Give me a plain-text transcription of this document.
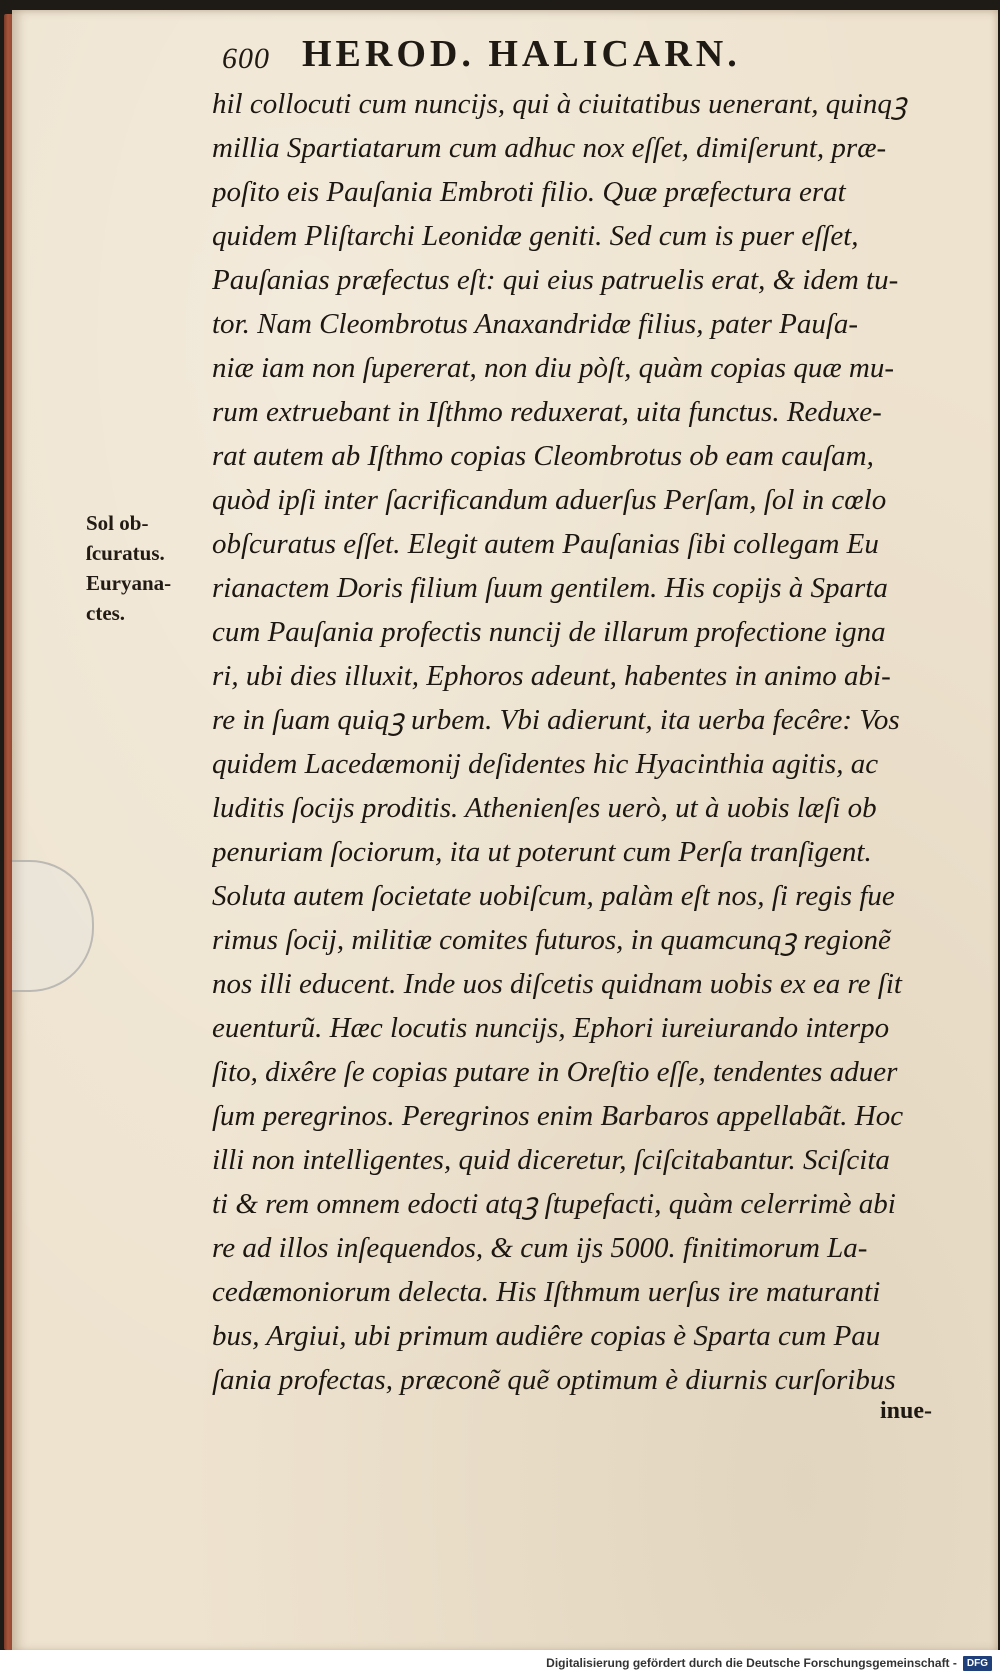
600 HEROD. HALICARN.
Sol ob-
ſcuratus.
Euryana-
ctes.
hil collocuti cum nuncijs, qui à ciuitatibus uenerant, quinqꝫ
millia Spartiatarum cum adhuc nox eſſet, dimiſerunt, præ-
poſito eis Pauſania Embroti filio. Quæ præfectura erat
quidem Pliſtarchi Leonidæ geniti. Sed cum is puer eſſet,
Pauſanias præfectus eſt: qui eius patruelis erat, & idem tu-
tor. Nam Cleombrotus Anaxandridæ filius, pater Pauſa-
niæ iam non ſupererat, non diu pòſt, quàm copias quæ mu-
rum extruebant in Iſthmo reduxerat, uita functus. Reduxe-
rat autem ab Iſthmo copias Cleombrotus ob eam cauſam,
quòd ipſi inter ſacrificandum aduerſus Perſam, ſol in cœlo
obſcuratus eſſet. Elegit autem Pauſanias ſibi collegam Eu
rianactem Doris filium ſuum gentilem. His copijs à Sparta
cum Pauſania profectis nuncij de illarum profectione igna
ri, ubi dies illuxit, Ephoros adeunt, habentes in animo abi-
re in ſuam quiqꝫ urbem. Vbi adierunt, ita uerba fecêre: Vos
quidem Lacedæmonij deſidentes hic Hyacinthia agitis, ac
luditis ſocijs proditis. Athenienſes uerò, ut à uobis læſi ob
penuriam ſociorum, ita ut poterunt cum Perſa tranſigent.
Soluta autem ſocietate uobiſcum, palàm eſt nos, ſi regis fue
rimus ſocij, militiæ comites futuros, in quamcunqꝫ regionẽ
nos illi educent. Inde uos diſcetis quidnam uobis ex ea re ſit
euenturũ. Hæc locutis nuncijs, Ephori iureiurando interpo
ſito, dixêre ſe copias putare in Oreſtio eſſe, tendentes aduer
ſum peregrinos. Peregrinos enim Barbaros appellabãt. Hoc
illi non intelligentes, quid diceretur, ſciſcitabantur. Sciſcita
ti & rem omnem edocti atqꝫ ſtupefacti, quàm celerrimè abi
re ad illos inſequendos, & cum ijs 5000. finitimorum La-
cedæmoniorum delecta. His Iſthmum uerſus ire maturanti
bus, Argiui, ubi primum audiêre copias è Sparta cum Pau
ſania profectas, præconẽ quẽ optimum è diurnis curſoribus
inue-
Digitalisierung gefördert durch die Deutsche Forschungsgemeinschaft -	DFG
